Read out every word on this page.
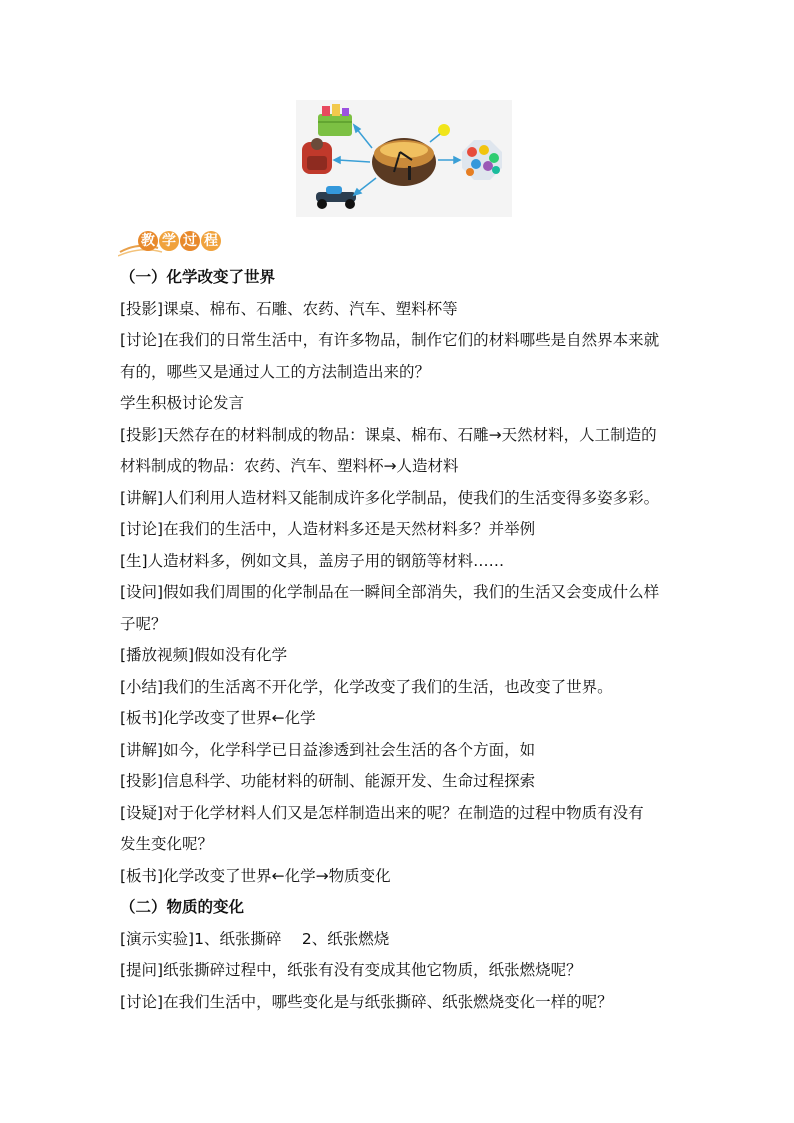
教 学 过 程
（一）化学改变了世界
[投影]课桌、棉布、石雕、农药、汽车、塑料杯等
[讨论]在我们的日常生活中，有许多物品，制作它们的材料哪些是自然界本来就
有的，哪些又是通过人工的方法制造出来的？
学生积极讨论发言
[投影]天然存在的材料制成的物品：课桌、棉布、石雕→天然材料，人工制造的
材料制成的物品：农药、汽车、塑料杯→人造材料
[讲解]人们利用人造材料又能制成许多化学制品，使我们的生活变得多姿多彩。
[讨论]在我们的生活中，人造材料多还是天然材料多？并举例
[生]人造材料多，例如文具，盖房子用的钢筋等材料……
[设问]假如我们周围的化学制品在一瞬间全部消失，我们的生活又会变成什么样
子呢？
[播放视频]假如没有化学
[小结]我们的生活离不开化学，化学改变了我们的生活，也改变了世界。
[板书]化学改变了世界←化学
[讲解]如今，化学科学已日益渗透到社会生活的各个方面，如
[投影]信息科学、功能材料的研制、能源开发、生命过程探索
[设疑]对于化学材料人们又是怎样制造出来的呢？在制造的过程中物质有没有
发生变化呢？
[板书]化学改变了世界←化学→物质变化
（二）物质的变化
[演示实验]1、纸张撕碎　 2、纸张燃烧
[提问]纸张撕碎过程中，纸张有没有变成其他它物质，纸张燃烧呢？
[讨论]在我们生活中，哪些变化是与纸张撕碎、纸张燃烧变化一样的呢？
